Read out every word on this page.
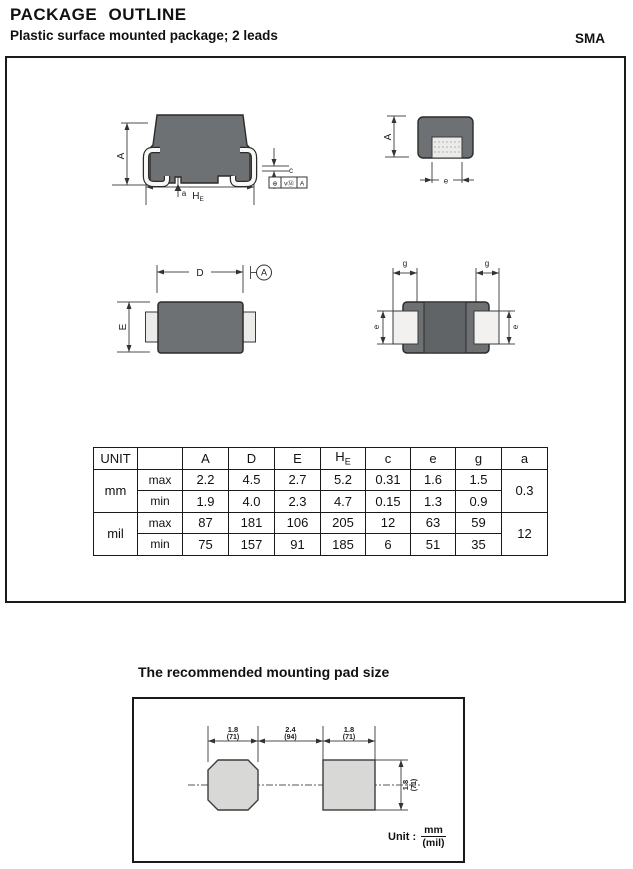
PACKAGE OUTLINE
Plastic surface mounted package; 2 leads	SMA
A
a
c
$H_E$
⊕ vⓂ A
A
e
D	A
E
g	g
e	e
UNIT		A	D	E	$H_E$	c	e	g	a
mm	max	2.2	4.5	2.7	5.2	0.31	1.6	1.5	0.3
	min	1.9	4.0	2.3	4.7	0.15	1.3	0.9	
mil	max	87	181	106	205	12	63	59	12
	min	75	157	91	185	6	51	35	
The recommended mounting pad size
1.8
(71)
2.4
(94)
1.8
(71)
1.8 (71)
Unit : $\frac{mm}{\text{(mil)}}$
